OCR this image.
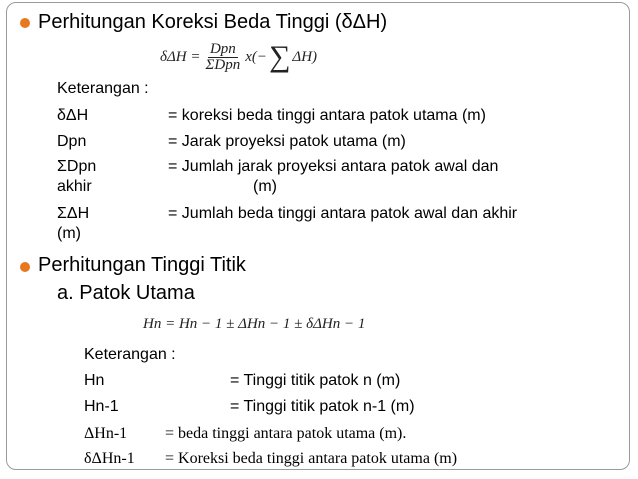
Perhitungan Koreksi Beda Tinggi (δΔH)
$\delta\Delta H = \frac{\text{Dpn}}{\text{ΣDpn}} x(-$ ∑ ΔH)
Keterangan :
δΔH	= koreksi beda tinggi antara patok utama (m)
Dpn	= Jarak proyeksi patok utama (m)
ΣDpn	= Jumlah jarak proyeksi antara patok awal dan
akhir	(m)
ΣΔH	= Jumlah beda tinggi antara patok awal dan akhir
(m)
Perhitungan Tinggi Titik
a. Patok Utama
Hn = Hn − 1 ± ΔHn − 1 ± δΔHn − 1
Keterangan :
Hn	= Tinggi titik patok n (m)
Hn-1	= Tinggi titik patok n-1 (m)
ΔHn-1 = beda tinggi antara patok utama (m).
δΔHn-1 = Koreksi beda tinggi antara patok utama (m)
